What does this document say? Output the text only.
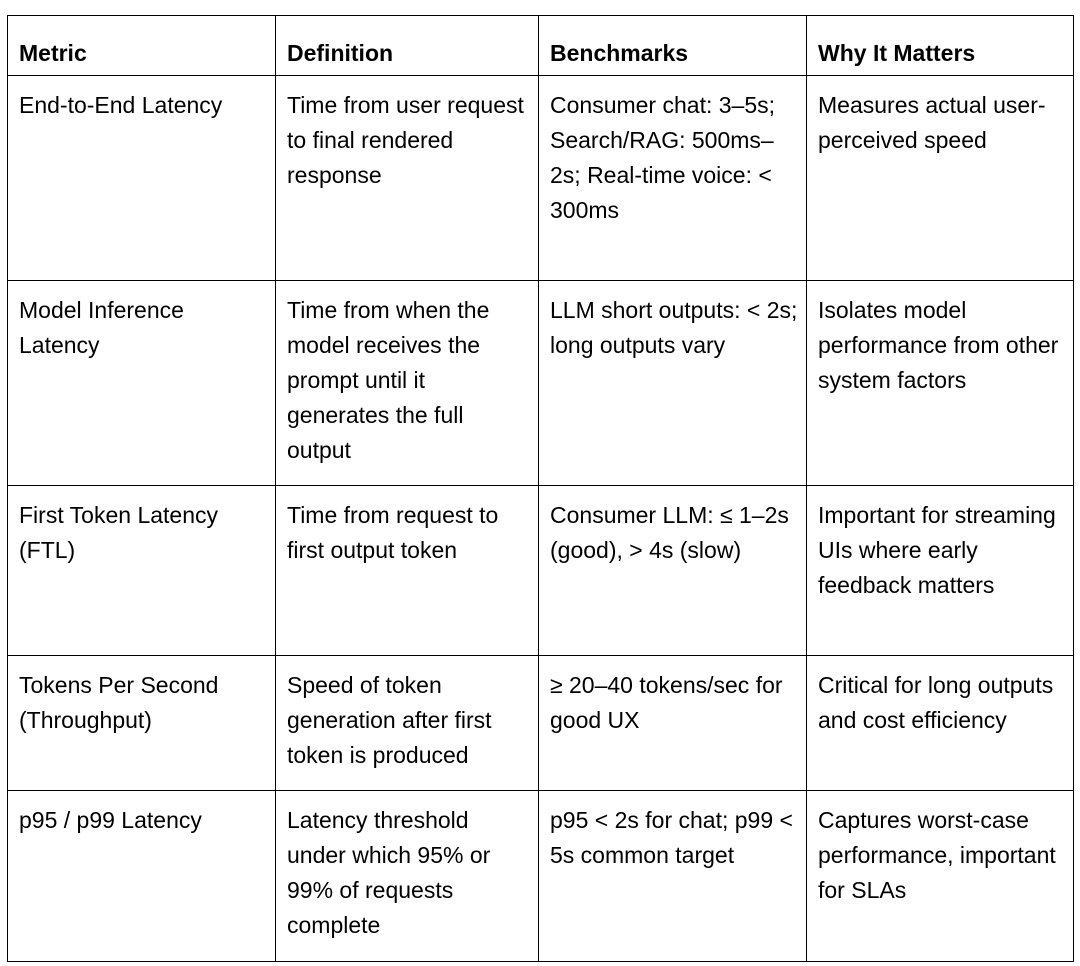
Metric	Definition	Benchmarks	Why It Matters
End-to-End Latency	Time from user request to final rendered response	Consumer chat: 3–5s; Search/RAG: 500ms–2s; Real-time voice: < 300ms	Measures actual user-perceived speed
Model Inference Latency	Time from when the model receives the prompt until it generates the full output	LLM short outputs: < 2s; long outputs vary	Isolates model performance from other system factors
First Token Latency (FTL)	Time from request to first output token	Consumer LLM: ≤ 1–2s (good), > 4s (slow)	Important for streaming UIs where early feedback matters
Tokens Per Second (Throughput)	Speed of token generation after first token is produced	≥ 20–40 tokens/sec for good UX	Critical for long outputs and cost efficiency
p95 / p99 Latency	Latency threshold under which 95% or 99% of requests complete	p95 < 2s for chat; p99 < 5s common target	Captures worst-case performance, important for SLAs
